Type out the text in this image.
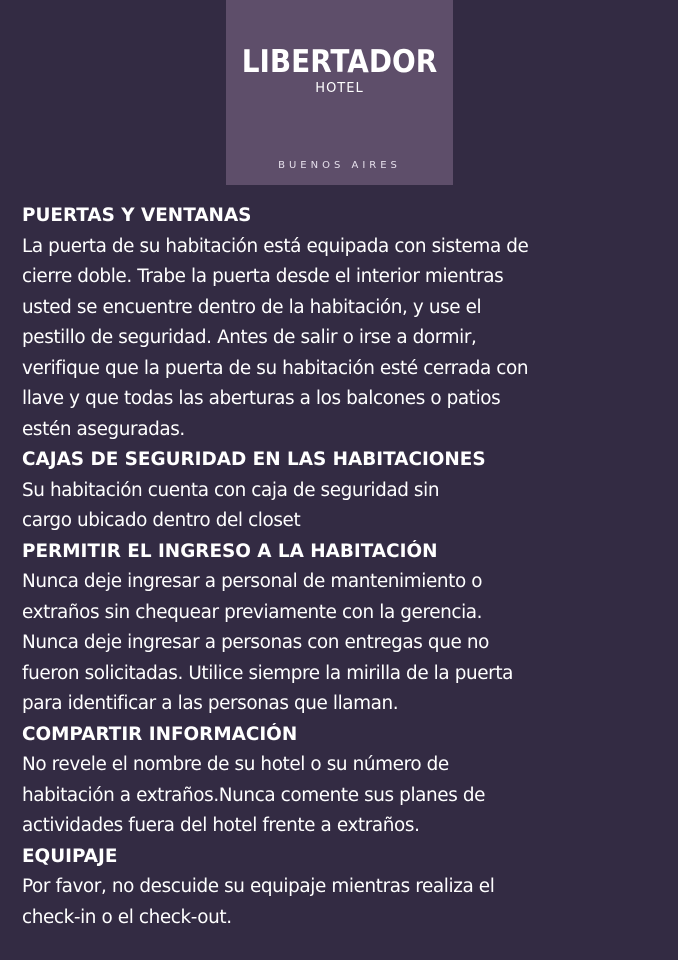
LIBERTADOR
HOTEL
BUENOS AIRES
PUERTAS Y VENTANAS
La puerta de su habitación está equipada con sistema de
cierre doble. Trabe la puerta desde el interior mientras
usted se encuentre dentro de la habitación, y use el
pestillo de seguridad. Antes de salir o irse a dormir,
verifique que la puerta de su habitación esté cerrada con
llave y que todas las aberturas a los balcones o patios
estén aseguradas.
CAJAS DE SEGURIDAD EN LAS HABITACIONES
Su habitación cuenta con caja de seguridad sin
cargo ubicado dentro del closet
PERMITIR EL INGRESO A LA HABITACIÓN
Nunca deje ingresar a personal de mantenimiento o
extraños sin chequear previamente con la gerencia.
Nunca deje ingresar a personas con entregas que no
fueron solicitadas. Utilice siempre la mirilla de la puerta
para identificar a las personas que llaman.
COMPARTIR INFORMACIÓN
No revele el nombre de su hotel o su número de
habitación a extraños.Nunca comente sus planes de
actividades fuera del hotel frente a extraños.
EQUIPAJE
Por favor, no descuide su equipaje mientras realiza el
check-in o el check-out.
